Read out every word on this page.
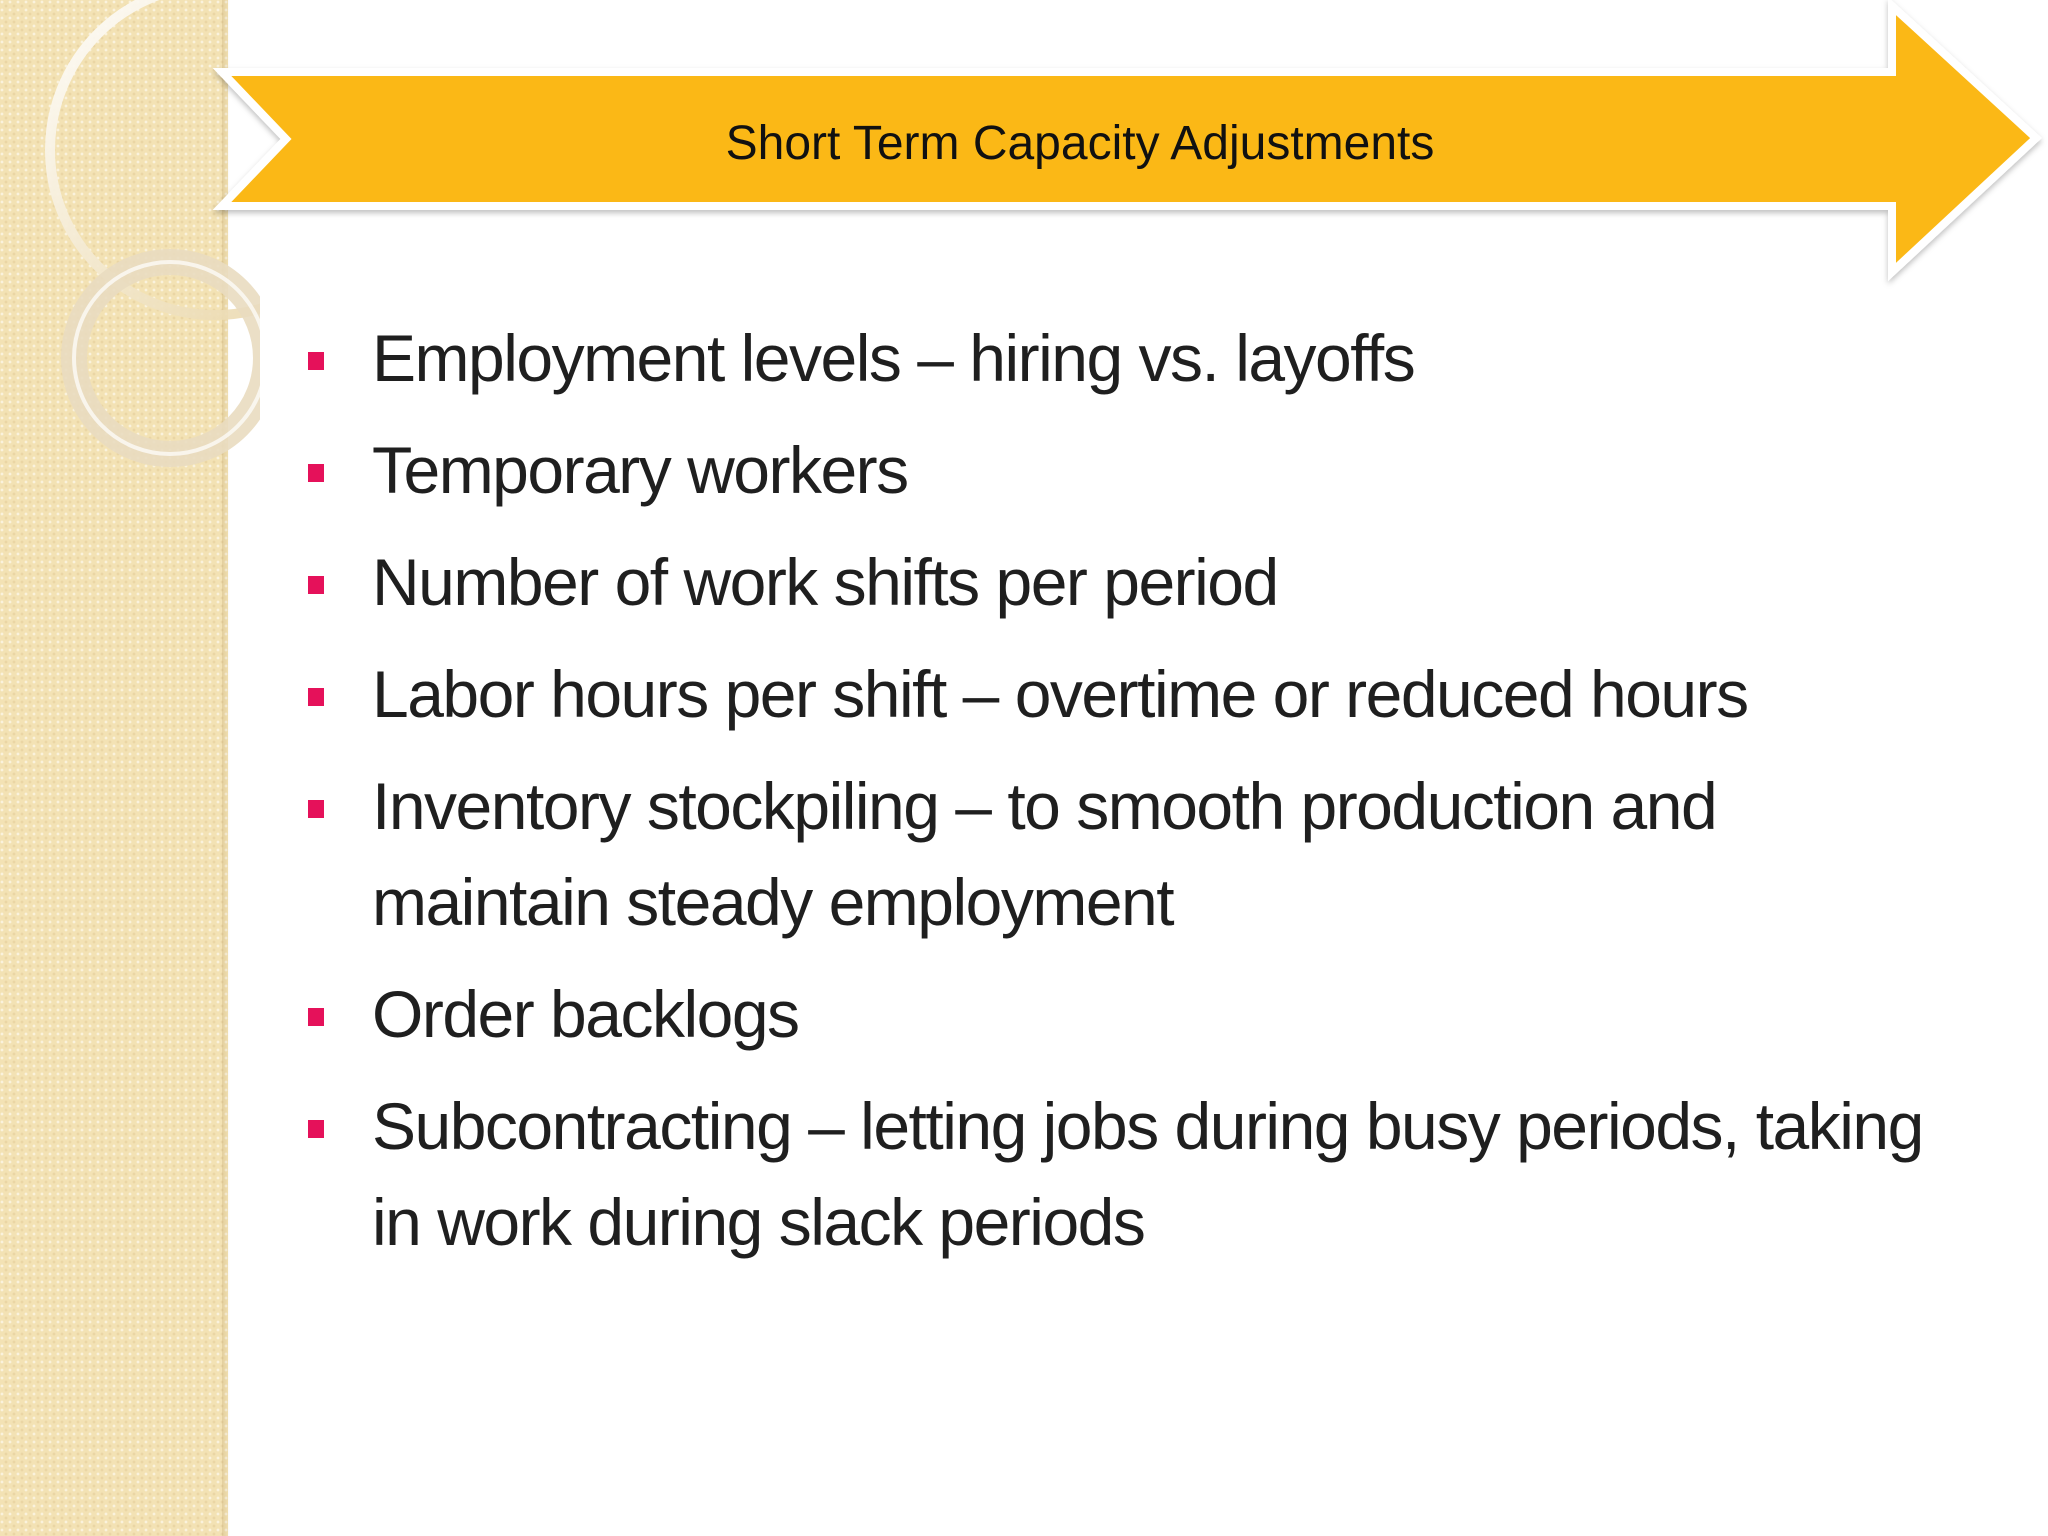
Short Term Capacity Adjustments
Employment levels – hiring vs. layoffs
Temporary workers
Number of work shifts per period
Labor hours per shift – overtime or reduced hours
Inventory stockpiling – to smooth production and maintain steady employment
Order backlogs
Subcontracting – letting jobs during busy periods, taking in work during slack periods
